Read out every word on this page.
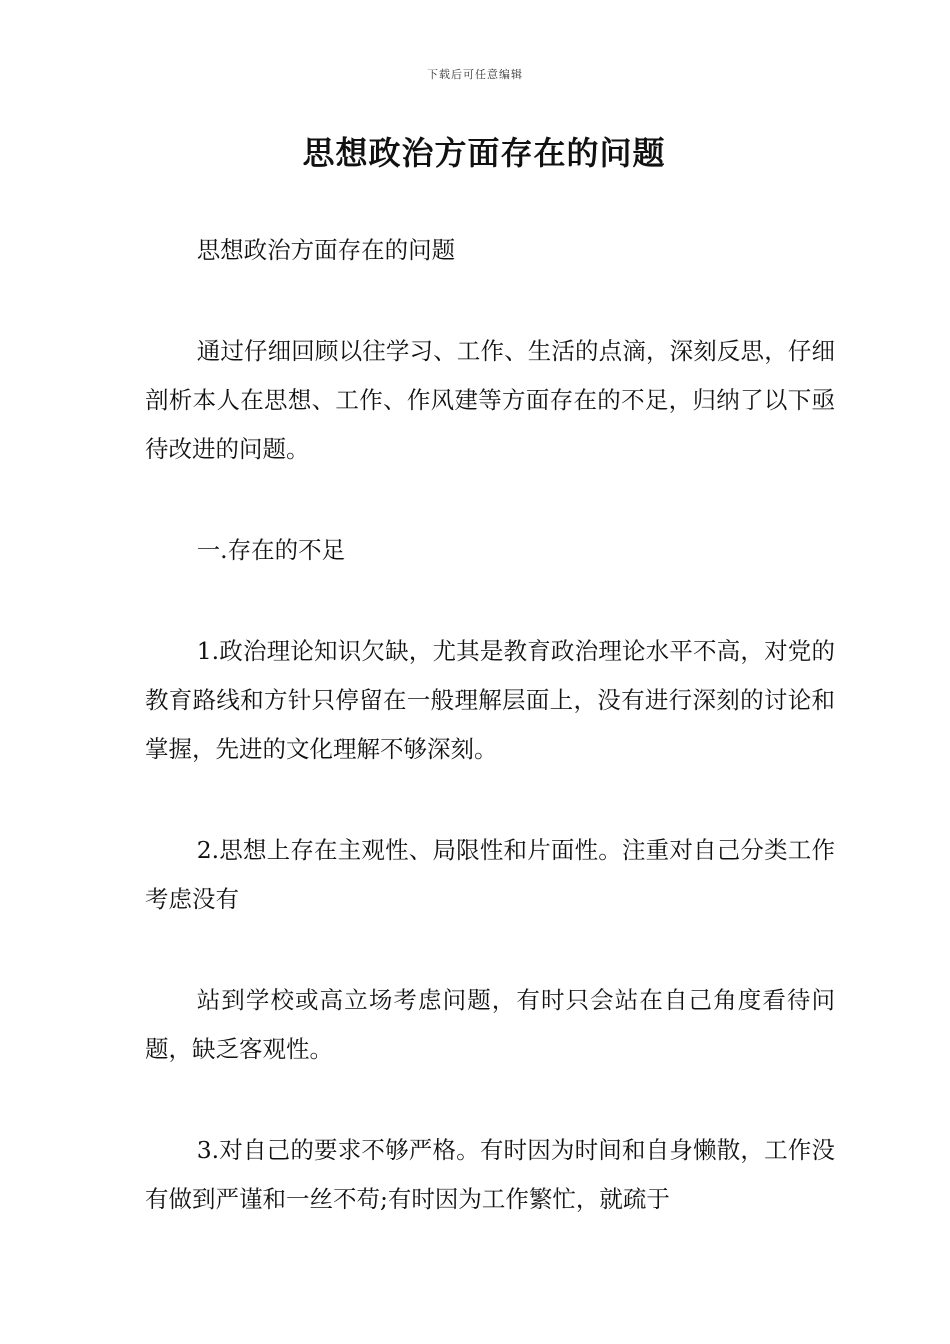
下载后可任意编辑
思想政治方面存在的问题

思想政治方面存在的问题

通过仔细回顾以往学习、工作、生活的点滴，深刻反思，仔细剖析本人在思想、工作、作风建等方面存在的不足，归纳了以下亟待改进的问题。

一.存在的不足

1.政治理论知识欠缺，尤其是教育政治理论水平不高，对党的教育路线和方针只停留在一般理解层面上，没有进行深刻的讨论和掌握，先进的文化理解不够深刻。

2.思想上存在主观性、局限性和片面性。注重对自己分类工作考虑没有

站到学校或高立场考虑问题，有时只会站在自己角度看待问题，缺乏客观性。

3.对自己的要求不够严格。有时因为时间和自身懒散，工作没有做到严谨和一丝不苟;有时因为工作繁忙，就疏于
